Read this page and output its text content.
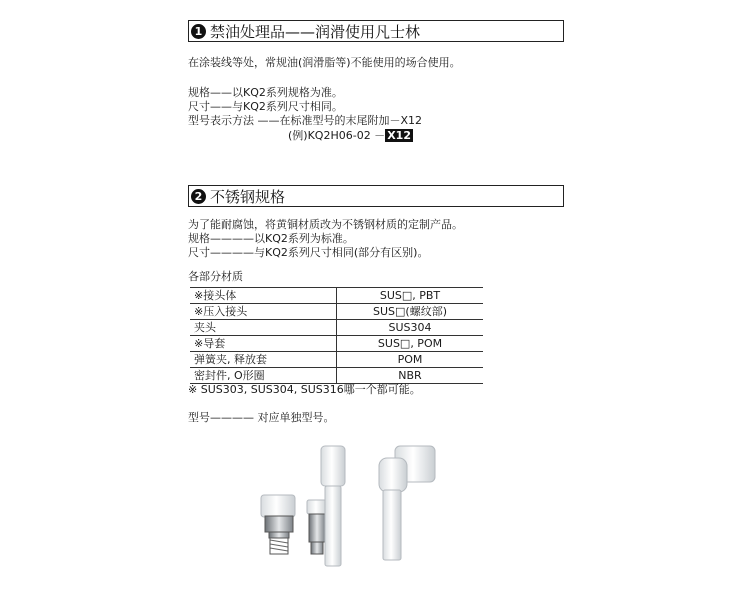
1 禁油处理品——润滑使用凡士林
在涂装线等处，常规油(润滑脂等)不能使用的场合使用。
规格——以KQ2系列规格为准。
尺寸——与KQ2系列尺寸相同。
型号表示方法 ——在标准型号的末尾附加－X12
(例)KQ2H06-02 － X12
2 不锈钢规格
为了能耐腐蚀，将黄铜材质改为不锈钢材质的定制产品。
规格————以KQ2系列为标准。
尺寸————与KQ2系列尺寸相同(部分有区别)。
各部分材质
※接头体	SUS□, PBT
※压入接头	SUS□(螺纹部)
夹头	SUS304
※导套	SUS□, POM
弹簧夹, 释放套	POM
密封件, O形圈	NBR
※ SUS303, SUS304, SUS316哪一个都可能。
型号———— 对应单独型号。
